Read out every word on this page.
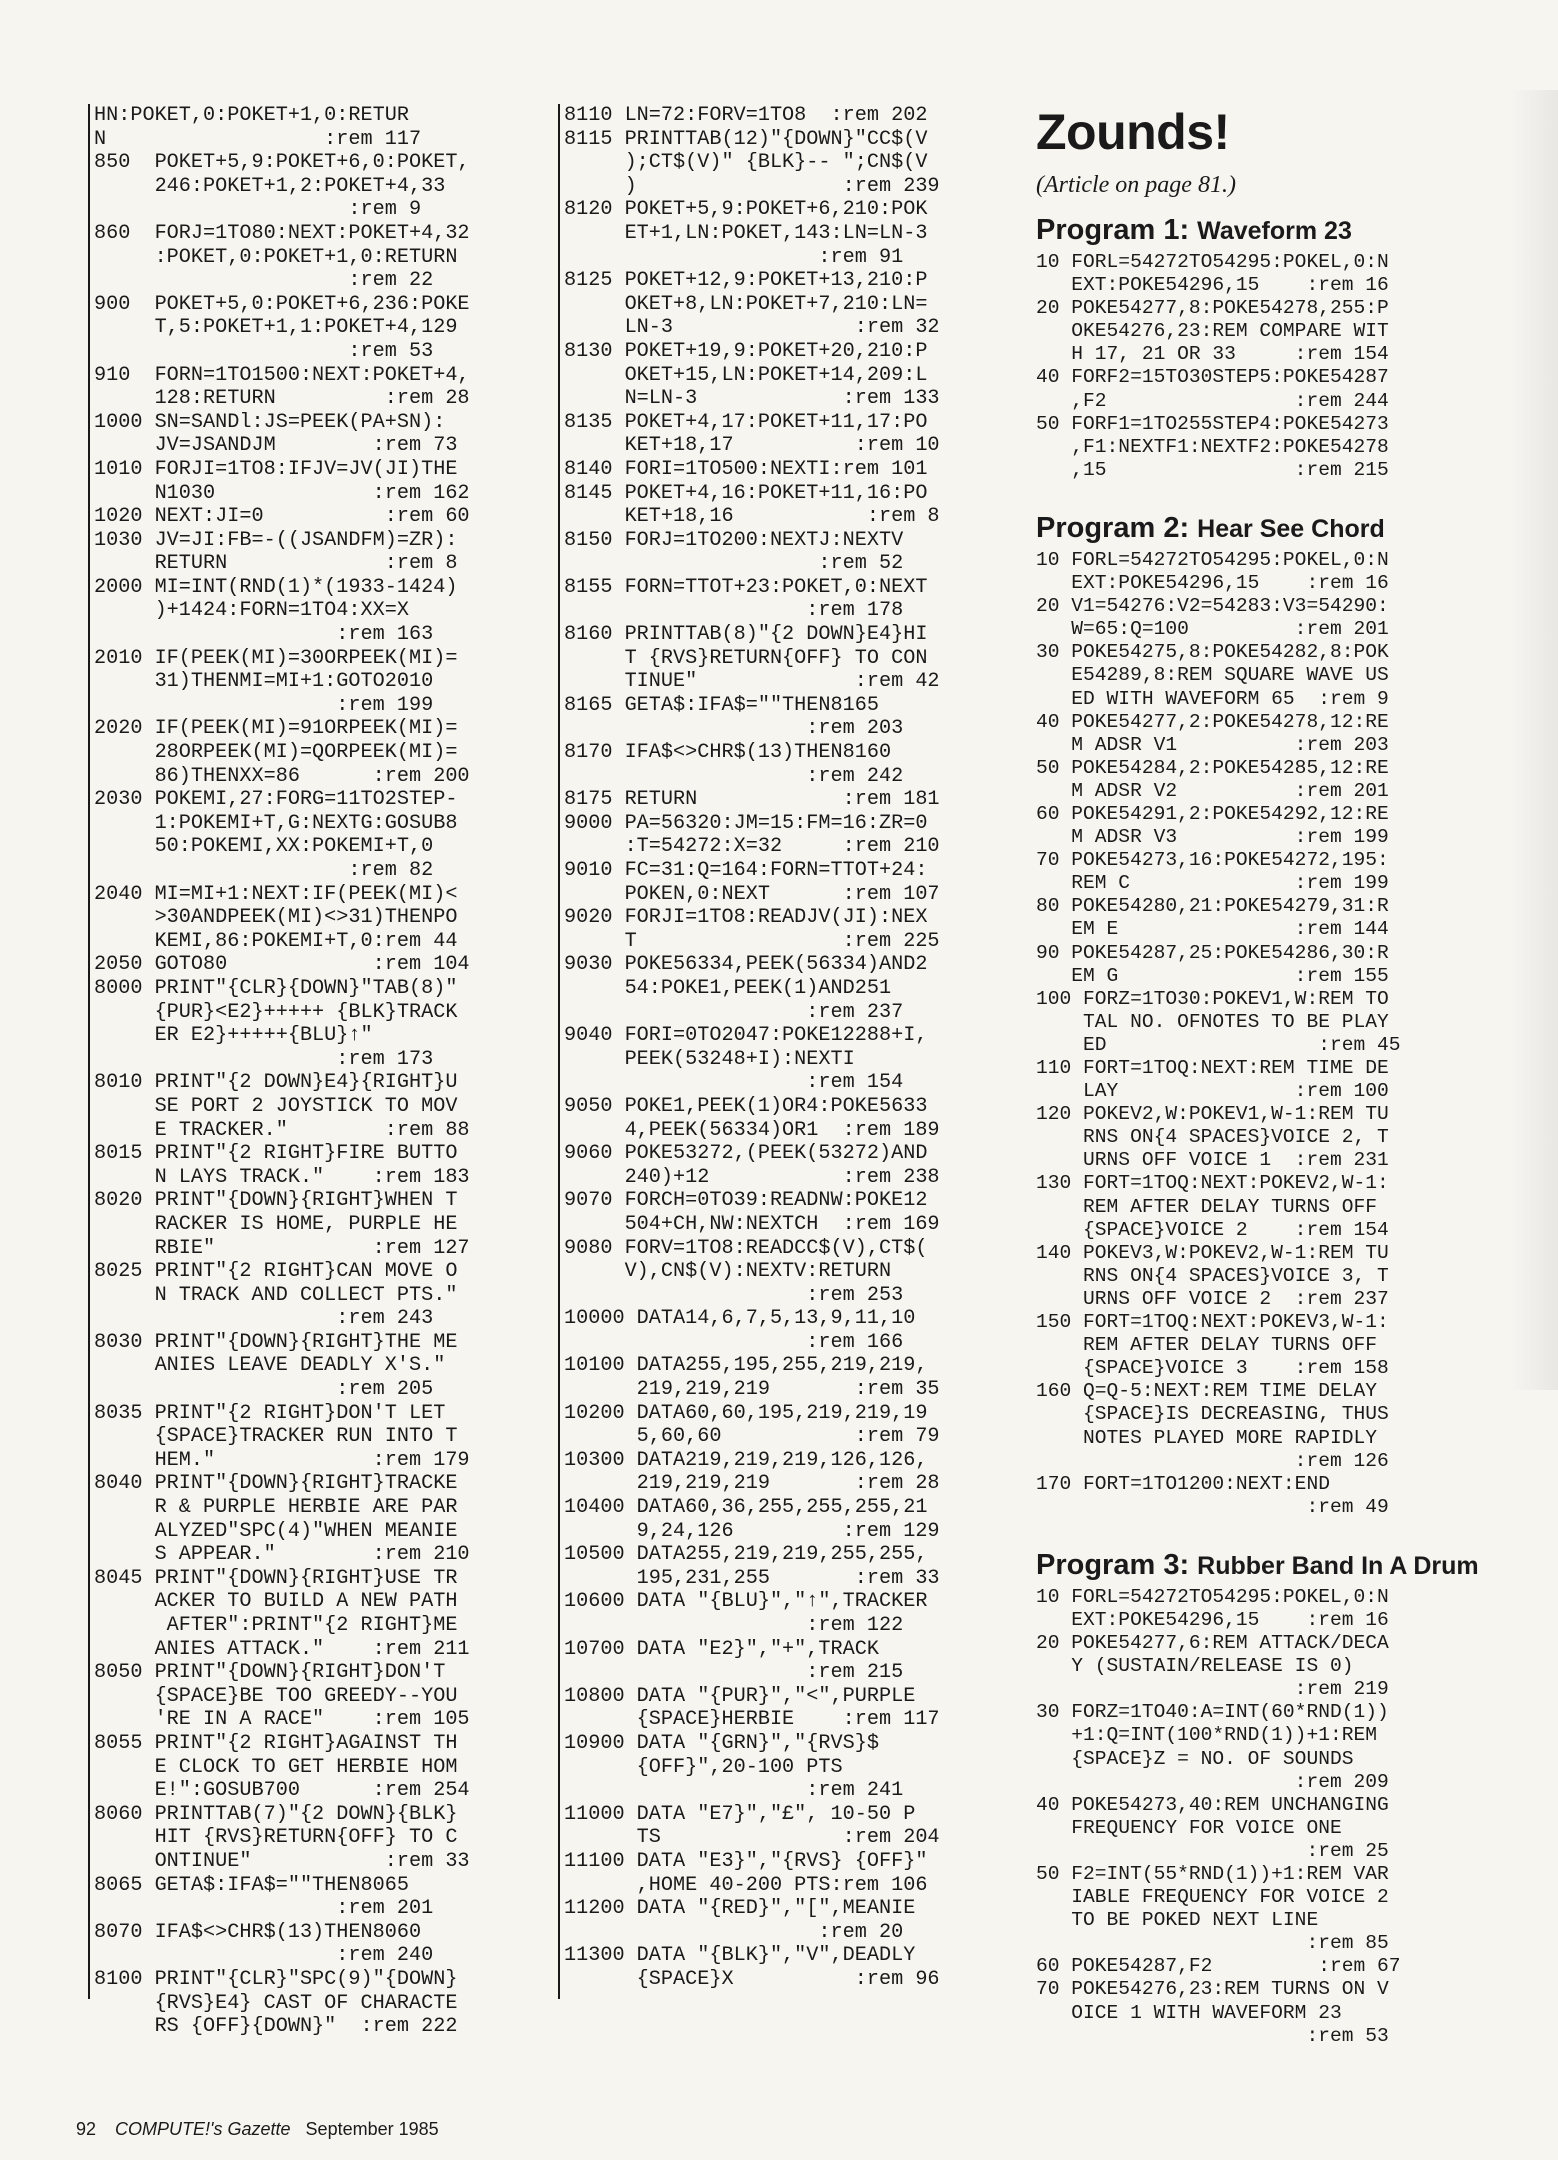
HN:POKET,0:POKET+1,0:RETUR
N                  :rem 117
850  POKET+5,9:POKET+6,0:POKET,
246:POKET+1,2:POKET+4,33
:rem 9
860  FORJ=1TO80:NEXT:POKET+4,32
:POKET,0:POKET+1,0:RETURN
:rem 22
900  POKET+5,0:POKET+6,236:POKE
T,5:POKET+1,1:POKET+4,129
:rem 53
910  FORN=1TO1500:NEXT:POKET+4,
128:RETURN         :rem 28
1000 SN=SANDl:JS=PEEK(PA+SN):
JV=JSANDJM        :rem 73
1010 FORJI=1TO8:IFJV=JV(JI)THE
N1030             :rem 162
1020 NEXT:JI=0          :rem 60
1030 JV=JI:FB=-((JSANDFM)=ZR):
RETURN             :rem 8
2000 MI=INT(RND(1)*(1933-1424)
)+1424:FORN=1TO4:XX=X
:rem 163
2010 IF(PEEK(MI)=30ORPEEK(MI)=
31)THENMI=MI+1:GOTO2010
:rem 199
2020 IF(PEEK(MI)=91ORPEEK(MI)=
28ORPEEK(MI)=QORPEEK(MI)=
86)THENXX=86      :rem 200
2030 POKEMI,27:FORG=11TO2STEP-
1:POKEMI+T,G:NEXTG:GOSUB8
50:POKEMI,XX:POKEMI+T,0
:rem 82
2040 MI=MI+1:NEXT:IF(PEEK(MI)<
>30ANDPEEK(MI)<>31)THENPO
KEMI,86:POKEMI+T,0:rem 44
2050 GOTO80            :rem 104
8000 PRINT"{CLR}{DOWN}"TAB(8)"
{PUR}<E2}+++++ {BLK}TRACK
ER E2}+++++{BLU}↑"
:rem 173
8010 PRINT"{2 DOWN}E4}{RIGHT}U
SE PORT 2 JOYSTICK TO MOV
E TRACKER."        :rem 88
8015 PRINT"{2 RIGHT}FIRE BUTTO
N LAYS TRACK."    :rem 183
8020 PRINT"{DOWN}{RIGHT}WHEN T
RACKER IS HOME, PURPLE HE
RBIE"             :rem 127
8025 PRINT"{2 RIGHT}CAN MOVE O
N TRACK AND COLLECT PTS."
:rem 243
8030 PRINT"{DOWN}{RIGHT}THE ME
ANIES LEAVE DEADLY X'S."
:rem 205
8035 PRINT"{2 RIGHT}DON'T LET
{SPACE}TRACKER RUN INTO T
HEM."             :rem 179
8040 PRINT"{DOWN}{RIGHT}TRACKE
R & PURPLE HERBIE ARE PAR
ALYZED"SPC(4)"WHEN MEANIE
S APPEAR."        :rem 210
8045 PRINT"{DOWN}{RIGHT}USE TR
ACKER TO BUILD A NEW PATH
AFTER":PRINT"{2 RIGHT}ME
ANIES ATTACK."    :rem 211
8050 PRINT"{DOWN}{RIGHT}DON'T
{SPACE}BE TOO GREEDY--YOU
'RE IN A RACE"    :rem 105
8055 PRINT"{2 RIGHT}AGAINST TH
E CLOCK TO GET HERBIE HOM
E!":GOSUB700      :rem 254
8060 PRINTTAB(7)"{2 DOWN}{BLK}
HIT {RVS}RETURN{OFF} TO C
ONTINUE"           :rem 33
8065 GETA$:IFA$=""THEN8065
:rem 201
8070 IFA$<>CHR$(13)THEN8060
:rem 240
8100 PRINT"{CLR}"SPC(9)"{DOWN}
{RVS}E4} CAST OF CHARACTE
RS {OFF}{DOWN}"  :rem 222
8110 LN=72:FORV=1TO8  :rem 202
8115 PRINTTAB(12)"{DOWN}"CC$(V
);CT$(V)" {BLK}-- ";CN$(V
)                 :rem 239
8120 POKET+5,9:POKET+6,210:POK
ET+1,LN:POKET,143:LN=LN-3
:rem 91
8125 POKET+12,9:POKET+13,210:P
OKET+8,LN:POKET+7,210:LN=
LN-3               :rem 32
8130 POKET+19,9:POKET+20,210:P
OKET+15,LN:POKET+14,209:L
N=LN-3            :rem 133
8135 POKET+4,17:POKET+11,17:PO
KET+18,17          :rem 10
8140 FORI=1TO500:NEXTI:rem 101
8145 POKET+4,16:POKET+11,16:PO
KET+18,16           :rem 8
8150 FORJ=1TO200:NEXTJ:NEXTV
:rem 52
8155 FORN=TTOT+23:POKET,0:NEXT
:rem 178
8160 PRINTTAB(8)"{2 DOWN}E4}HI
T {RVS}RETURN{OFF} TO CON
TINUE"             :rem 42
8165 GETA$:IFA$=""THEN8165
:rem 203
8170 IFA$<>CHR$(13)THEN8160
:rem 242
8175 RETURN            :rem 181
9000 PA=56320:JM=15:FM=16:ZR=0
:T=54272:X=32     :rem 210
9010 FC=31:Q=164:FORN=TTOT+24:
POKEN,0:NEXT      :rem 107
9020 FORJI=1TO8:READJV(JI):NEX
T                 :rem 225
9030 POKE56334,PEEK(56334)AND2
54:POKE1,PEEK(1)AND251
:rem 237
9040 FORI=0TO2047:POKE12288+I,
PEEK(53248+I):NEXTI
:rem 154
9050 POKE1,PEEK(1)OR4:POKE5633
4,PEEK(56334)OR1  :rem 189
9060 POKE53272,(PEEK(53272)AND
240)+12           :rem 238
9070 FORCH=0TO39:READNW:POKE12
504+CH,NW:NEXTCH  :rem 169
9080 FORV=1TO8:READCC$(V),CT$(
V),CN$(V):NEXTV:RETURN
:rem 253
10000 DATA14,6,7,5,13,9,11,10
:rem 166
10100 DATA255,195,255,219,219,
219,219,219       :rem 35
10200 DATA60,60,195,219,219,19
5,60,60           :rem 79
10300 DATA219,219,219,126,126,
219,219,219       :rem 28
10400 DATA60,36,255,255,255,21
9,24,126         :rem 129
10500 DATA255,219,219,255,255,
195,231,255       :rem 33
10600 DATA "{BLU}","↑",TRACKER
:rem 122
10700 DATA "E2}","+",TRACK
:rem 215
10800 DATA "{PUR}","<",PURPLE
{SPACE}HERBIE    :rem 117
10900 DATA "{GRN}","{RVS}$
{OFF}",20-100 PTS
:rem 241
11000 DATA "E7}","£", 10-50 P
TS               :rem 204
11100 DATA "E3}","{RVS} {OFF}"
,HOME 40-200 PTS:rem 106
11200 DATA "{RED}","[",MEANIE
:rem 20
11300 DATA "{BLK}","V",DEADLY
{SPACE}X          :rem 96
Zounds!
(Article on page 81.)
Program 1: Waveform 23
10 FORL=54272TO54295:POKEL,0:N
EXT:POKE54296,15    :rem 16
20 POKE54277,8:POKE54278,255:P
OKE54276,23:REM COMPARE WIT
H 17, 21 OR 33     :rem 154
40 FORF2=15TO30STEP5:POKE54287
,F2                :rem 244
50 FORF1=1TO255STEP4:POKE54273
,F1:NEXTF1:NEXTF2:POKE54278
,15                :rem 215
Program 2: Hear See Chord
10 FORL=54272TO54295:POKEL,0:N
EXT:POKE54296,15    :rem 16
20 V1=54276:V2=54283:V3=54290:
W=65:Q=100         :rem 201
30 POKE54275,8:POKE54282,8:POK
E54289,8:REM SQUARE WAVE US
ED WITH WAVEFORM 65  :rem 9
40 POKE54277,2:POKE54278,12:RE
M ADSR V1          :rem 203
50 POKE54284,2:POKE54285,12:RE
M ADSR V2          :rem 201
60 POKE54291,2:POKE54292,12:RE
M ADSR V3          :rem 199
70 POKE54273,16:POKE54272,195:
REM C              :rem 199
80 POKE54280,21:POKE54279,31:R
EM E               :rem 144
90 POKE54287,25:POKE54286,30:R
EM G               :rem 155
100 FORZ=1TO30:POKEV1,W:REM TO
TAL NO. OFNOTES TO BE PLAY
ED                  :rem 45
110 FORT=1TOQ:NEXT:REM TIME DE
LAY               :rem 100
120 POKEV2,W:POKEV1,W-1:REM TU
RNS ON{4 SPACES}VOICE 2, T
URNS OFF VOICE 1  :rem 231
130 FORT=1TOQ:NEXT:POKEV2,W-1:
REM AFTER DELAY TURNS OFF
{SPACE}VOICE 2    :rem 154
140 POKEV3,W:POKEV2,W-1:REM TU
RNS ON{4 SPACES}VOICE 3, T
URNS OFF VOICE 2  :rem 237
150 FORT=1TOQ:NEXT:POKEV3,W-1:
REM AFTER DELAY TURNS OFF
{SPACE}VOICE 3    :rem 158
160 Q=Q-5:NEXT:REM TIME DELAY
{SPACE}IS DECREASING, THUS
NOTES PLAYED MORE RAPIDLY
:rem 126
170 FORT=1TO1200:NEXT:END
:rem 49
Program 3: Rubber Band In A Drum
10 FORL=54272TO54295:POKEL,0:N
EXT:POKE54296,15    :rem 16
20 POKE54277,6:REM ATTACK/DECA
Y (SUSTAIN/RELEASE IS 0)
:rem 219
30 FORZ=1TO40:A=INT(60*RND(1))
+1:Q=INT(100*RND(1))+1:REM
{SPACE}Z = NO. OF SOUNDS
:rem 209
40 POKE54273,40:REM UNCHANGING
FREQUENCY FOR VOICE ONE
:rem 25
50 F2=INT(55*RND(1))+1:REM VAR
IABLE FREQUENCY FOR VOICE 2
TO BE POKED NEXT LINE
:rem 85
60 POKE54287,F2         :rem 67
70 POKE54276,23:REM TURNS ON V
OICE 1 WITH WAVEFORM 23
:rem 53
92 COMPUTE!'s Gazette September 1985
